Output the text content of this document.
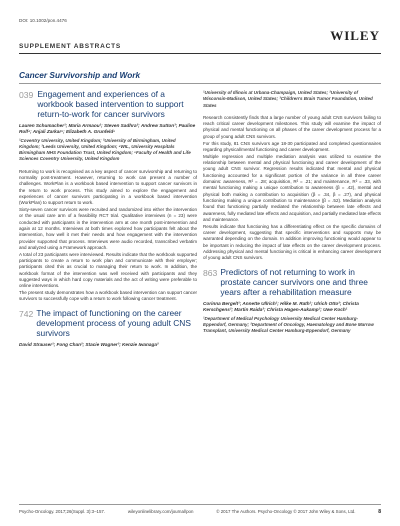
DOI: 10.1002/pon.4476
WILEY
SUPPLEMENT ABSTRACTS
Cancer Survivorship and Work
039 Engagement and experiences of a workbook based intervention to support return-to-work for cancer survivors
Lauren Schumacher¹; Maria Armaou¹; Steven Sadhra²; Andrew Sutton³; Pauline Rolf⁴; Anjali Zarkar⁵; Elizabeth A. Grunfeld⁵
¹Coventry University, United Kingdom; ²University of Birmingham, United Kingdom; ³Leeds University, United Kingdom; ⁴WIL, University Hospitals Birmingham NHS Foundation Trust, United Kingdom; ⁵Faculty of Health and Life Sciences Coventry University, United Kingdom

Returning to work is recognised as a key aspect of cancer survivorship and returning to normality post-treatment. However, returning to work can present a number of challenges. WorkPlan is a workbook based intervention to support cancer survivors in the return to work process. This study aimed to explore the engagement and experiences of cancer survivors participating in a workbook based intervention (WorkPlan) to support return to work.

Sixty-seven cancer survivors were recruited and randomized into either the intervention or the usual care arm of a feasibility RCT trial. Qualitative interviews (n = 23) were conducted with participants in the intervention arm at one month post-intervention and again at 12 months. Interviews at both times explored how participants felt about the intervention, how well it met their needs and how engagement with the intervention provider supported that process. Interviews were audio recorded, transcribed verbatim and analyzed using a Framework approach.

A total of 23 participants were interviewed. Results indicate that the workbook supported participants to create a return to work plan and communicate with their employer; participants cited this as crucial to managing their return to work. In addition, the workbook format of the intervention was well received with participants and they suggested ways in which hard copy materials and the act of writing were preferable to online interventions.

The present study demonstrates how a workbook based intervention can support cancer survivors to successfully cope with a return to work following cancer treatment.

742 The impact of functioning on the career development process of young adult CNS survivors
David Strauser¹; Fong Chan²; Stacie Wagner³; Kenzie Iwanaga²
¹University of Illinois at Urbana-Champaign, United States; ²University of Wisconsin-Madison, United States; ³Children's Brain Tumor Foundation, United States

Research consistently finds that a large number of young adult CNS survivors failing to reach critical career development milestones. This study will examine the impact of physical and mental functioning on all phases of the career development process for a group of young adult CNS survivors.

For this study, 81 CNS survivors age 18-30 participated and completed questionnaires regarding physical/mental functioning and career development.

Multiple regression and multiple mediation analysis was utilized to examine the relationship between mental and physical functioning and career development of the young adult CNS survivor. Regression results indicated that mental and physical functioning accounted for a significant portion of the variance in all three career domains: awareness, R² = .28; acquisition, R² = .21; and maintenance, R² = .33, with mental functioning making a unique contribution to awareness (β = .42), mental and physical both making a contribution to acquisition (β = .34, β = .27), and physical functioning making a unique contribution to maintenance (β = .52). Mediation analysis found that functioning partially mediated the relationship between late effects and awareness, fully mediated late effects and acquisition, and partially mediated late effects and maintenance.

Results indicate that functioning has a differentiating effect on the specific domains of career development, suggesting that specific interventions and supports may be warranted depending on the domain. In addition improving functioning would appear to be important in reducing the impact of late effects on the career development process. Addressing physical and mental functioning is critical in enhancing career development of young adult CNS survivors.

863 Predictors of not returning to work in prostate cancer survivors one and three years after a rehabilitation measure
Corinna Bergelt¹; Annette Ullrich¹; Hilke M. Rath¹; Ulrich Otto²; Christa Kerschgens²; Martin Raida²; Christa Hagen-Aukamp³; Uwe Koch¹
¹Department of Medical Psychology University Medical Center Hamburg-Eppendorf, Germany; ²Department of Oncology, Haematology and Bone Marrow Transplant, University Medical Center Hamburg-Eppendorf, Germany
Psycho-Oncology. 2017;26(Suppl. 3):3–157.	wileyonlinelibrary.com/journal/pon	© 2017 The Authors. Psycho-Oncology © 2017 John Wiley & Sons, Ltd.	8
